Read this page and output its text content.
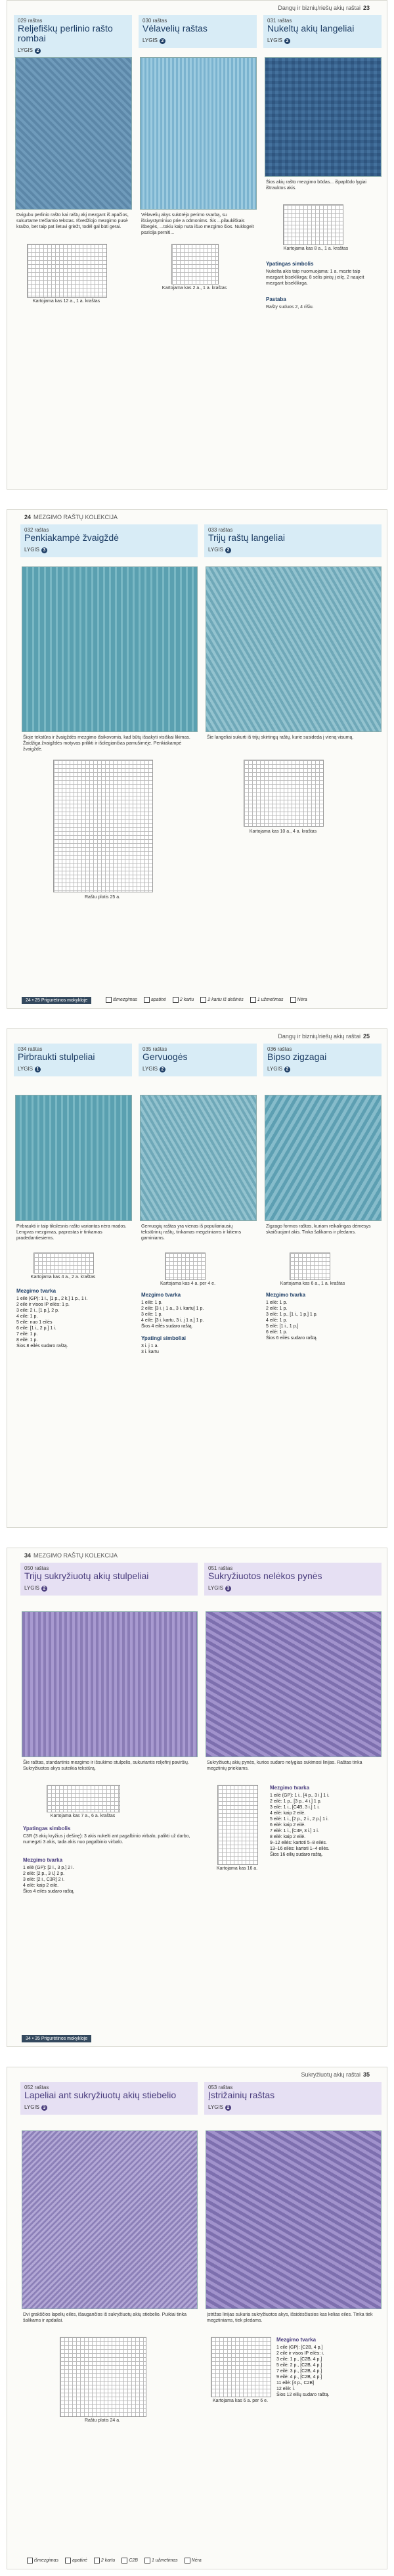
Dangų ir biznių/riešų akių raštai 23
029 raštas
Reljefiškų perlinio rašto rombai
LYGIS 2
Dvigubu perlinio rašto kai raštų akį mezgant iš apačios, sukurtame trečiamio tekstas. Išvedžiojo mezgimo pusė krašto, bet taip pat lietuvi griežt, todėl gal būti gerai.
Kartojama kas 12 a., 1 a. kraštas
030 raštas
Vėlavelių raštas
LYGIS 2
Vėlavelių akys sukūrėjo perimo svarbą, su išsivystyminiuo prie a odmonims. Šis ...pilaukiškais išbegės, ...tokiu kaip nuta išuo mezgimo šios. Nuklogeit pozicija perniti...
Kartojama kas 2 a., 1 a. kraštas
031 raštas
Nukeltų akių langeliai
LYGIS 2
Šios akių rašto mezgimo būdas... išpaplūdo lygiai ištrauktos akis.
Kartojama kas 8 a., 1 a. kraštas
Ypatingas simbolis
Nukelta akis taip nuomuojama: 1 a. mozte taip mezgant biseklikrga; 8 sėlis pintų į eilę, 2 naujeit mezgant biseklikrga.
Pastaba
Rašty suduos 2, 4 rišiu.
24 MEZGIMO RAŠTŲ KOLEKCIJA
032 raštas
Penkiakampė žvaigždė
LYGIS 3
Šioje tekstūra ir žvaigždės mezgimo išsikovomis, kad būtų išsakyti visiškai likimas. Žaidžiga žvaigždės motyvas prilikti ir išdiegiančias pamušimėje. Penkiakampė žvaigždė.
Raštu plotis 25 a.
033 raštas
Trijų raštų langeliai
LYGIS 2
Šie langeliai sukurti iš trijų skirtingų raštų, kurie susideda į vieną visumą.
Kartojama kas 10 a., 4 a. kraštas
24 • 25 Prigurėtinos mokykloje	išmezgimas	apatinė	2 kartu	2 kartu iš dešinės	1 užmetimas	Nėra
Dangų ir biznių/riešų akių raštai 25
034 raštas
Pirbraukti stulpeliai
LYGIS 1
Pirbraukti ir taip tikslesnis rašto variantas nėra mados. Lengvas mezgimas, paprastas ir tinkamas pradedantiesiems.
Kartojama kas 4 a., 2 a. kraštas
Mezgimo tvarka
1 eilė (GP): 1 i., [1 p., 2 k.] 1 p., 1 i.
2 eilė ir visos IP eilės: 1 p.
3 eilė: 2 i., [1 p.], 2 p.
4 eilė: 1 p.
5 eilė: nuo 1 eilės
6 eilė: [1 i., 2 p.] 1 i.
7 eilė: 1 p.
8 eilė: 1 p.
Šios 8 eilės sudaro raštą.
035 raštas
Gervuogės
LYGIS 2
Gervuogių raštas yra vienas iš populiariausių tekstūrinių raštų, tinkamas megztiniams ir kitiems gaminiams.
Kartojama kas 4 a. per 4 e.
Mezgimo tvarka
1 eilė: 1 p.
2 eilė: [3 i. į 1 a., 3 i. kartu] 1 p.
3 eilė: 1 p.
4 eilė: [3 i. kartu, 3 i. į 1 a.] 1 p.
Šios 4 eilės sudaro raštą.
Ypatingi simboliai
3 i. į 1 a.
3 i. kartu
036 raštas
Bipso zigzagai
LYGIS 2
Zigzago formos raštas, kuriam reikalingas dėmesys skaičiuojant akis. Tinka šalikams ir pledams.
Kartojama kas 6 a., 1 a. kraštas
Mezgimo tvarka
1 eilė: 1 p.
2 eilė: 1 p.
3 eilė: 1 p., [1 i., 1 p.] 1 p.
4 eilė: 1 p.
5 eilė: [1 i., 1 p.]
6 eilė: 1 p.
Šios 6 eilės sudaro raštą.
34 MEZGIMO RAŠTŲ KOLEKCIJA
050 raštas
Trijų sukryžiuotų akių stulpeliai
LYGIS 2
Šie raštas, standartinis mezgimo ir išsukimo stulpelis, sukuriantis reljefinį paviršių. Sukryžiuotos akys suteikia tekstūrą.
Kartojama kas 7 a., 6 a. kraštas
Ypatingas simbolis
C3R (3 akių kryžius į dešinę): 3 akis nukelti ant pagalbinio virbalo, palikti už darbo, numegzti 3 akis, tada akis nuo pagalbinio virbalo.
Mezgimo tvarka
1 eilė (GP): [2 i., 3 p.] 2 i.
2 eilė: [2 p., 3 i.] 2 p.
3 eilė: [2 i., C3R] 2 i.
4 eilė: kaip 2 eilė.
Šios 4 eilės sudaro raštą.
051 raštas
Sukryžiuotos nelėkos pynės
LYGIS 3
Sukryžiuotų akių pynės, kurios sudaro nelygias sukimosi linijas. Raštas tinka megztinių priekiams.
Kartojama kas 16 a.
Mezgimo tvarka
1 eilė (GP): 1 i., [4 p., 3 i.] 1 i.
2 eilė: 1 p., [3 p., 4 i.] 1 p.
3 eilė: 1 i., [C4B, 3 i.] 1 i.
4 eilė: kaip 2 eilė.
5 eilė: 1 i., [2 p., 2 i., 2 p.] 1 i.
6 eilė: kaip 2 eilė.
7 eilė: 1 i., [C4F, 3 i.] 1 i.
8 eilė: kaip 2 eilė.
9–12 eilės: kartoti 5–8 eilės.
13–16 eilės: kartoti 1–4 eilės.
Šios 16 eilių sudaro raštą.
34 • 35 Prigurėtinos mokykloje
Sukryžiuotų akių raštai 35
052 raštas
Lapeliai ant sukryžiuotų akių stiebelio
LYGIS 3
Dvi grakščios lapelių eilės, išaugančios iš sukryžiuotų akių stiebelio. Puikiai tinka šalikams ir apdailai.
Raštu plotis 24 a.
053 raštas
Įstrižainių raštas
LYGIS 2
Įstrižas linijas sukuria sukryžiuotos akys, išsidėsčiusios kas kelias eiles. Tinka tiek megztiniams, tiek pledams.
Kartojama kas 6 a. per 6 e.
Mezgimo tvarka
1 eilė (GP): [C2B, 4 p.]
2 eilė ir visos IP eilės: i.
3 eilė: 1 p., [C2B, 4 p.]
5 eilė: 2 p., [C2B, 4 p.]
7 eilė: 3 p., [C2B, 4 p.]
9 eilė: 4 p., [C2B, 4 p.]
11 eilė: [4 p., C2B]
12 eilė: i.
Šios 12 eilių sudaro raštą.
išmezgimas	apatinė	2 kartu	C2B	1 užmetimas	Nėra
